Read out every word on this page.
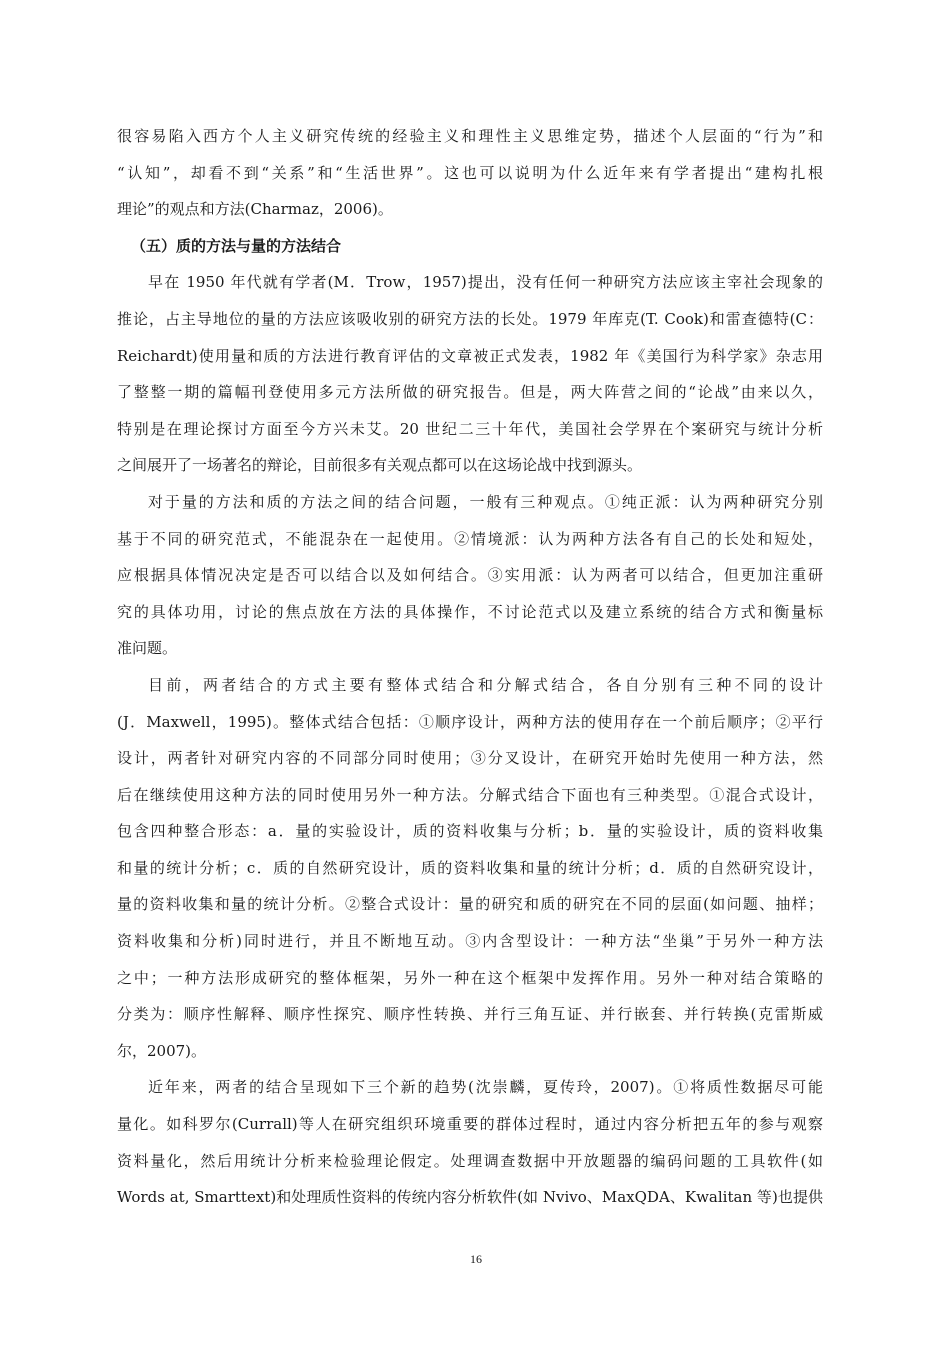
很容易陷入西方个人主义研究传统的经验主义和理性主义思维定势，描述个人层面的“行为”和
“认知”，却看不到“关系”和“生活世界”。这也可以说明为什么近年来有学者提出“建构扎根
理论”的观点和方法(Charmaz，2006)。
（五）质的方法与量的方法结合
早在 1950 年代就有学者(M．Trow，1957)提出，没有任何一种研究方法应该主宰社会现象的
推论，占主导地位的量的方法应该吸收别的研究方法的长处。1979 年库克(T. Cook)和雷查德特(C：
Reichardt)使用量和质的方法进行教育评估的文章被正式发表，1982 年《美国行为科学家》杂志用
了整整一期的篇幅刊登使用多元方法所做的研究报告。但是，两大阵营之间的“论战”由来以久，
特别是在理论探讨方面至今方兴未艾。20 世纪二三十年代，美国社会学界在个案研究与统计分析
之间展开了一场著名的辩论，目前很多有关观点都可以在这场论战中找到源头。
对于量的方法和质的方法之间的结合问题，一般有三种观点。①纯正派：认为两种研究分别
基于不同的研究范式，不能混杂在一起使用。②情境派：认为两种方法各有自己的长处和短处，
应根据具体情况决定是否可以结合以及如何结合。③实用派：认为两者可以结合，但更加注重研
究的具体功用，讨论的焦点放在方法的具体操作，不讨论范式以及建立系统的结合方式和衡量标
准问题。
目前，两者结合的方式主要有整体式结合和分解式结合，各自分别有三种不同的设计
(J．Maxwell，1995)。整体式结合包括：①顺序设计，两种方法的使用存在一个前后顺序；②平行
设计，两者针对研究内容的不同部分同时使用；③分叉设计，在研究开始时先使用一种方法，然
后在继续使用这种方法的同时使用另外一种方法。分解式结合下面也有三种类型。①混合式设计，
包含四种整合形态：a．量的实验设计，质的资料收集与分析；b．量的实验设计，质的资料收集
和量的统计分析；c．质的自然研究设计，质的资料收集和量的统计分析；d．质的自然研究设计，
量的资料收集和量的统计分析。②整合式设计：量的研究和质的研究在不同的层面(如问题、抽样；
资料收集和分析)同时进行，并且不断地互动。③内含型设计：一种方法“坐巢”于另外一种方法
之中；一种方法形成研究的整体框架，另外一种在这个框架中发挥作用。另外一种对结合策略的
分类为：顺序性解释、顺序性探究、顺序性转换、并行三角互证、并行嵌套、并行转换(克雷斯威
尔，2007)。
近年来，两者的结合呈现如下三个新的趋势(沈崇麟，夏传玲，2007)。①将质性数据尽可能
量化。如科罗尔(Currall)等人在研究组织环境重要的群体过程时，通过内容分析把五年的参与观察
资料量化，然后用统计分析来检验理论假定。处理调查数据中开放题器的编码问题的工具软件(如
Words at, Smarttext)和处理质性资料的传统内容分析软件(如 Nvivo、MaxQDA、Kwalitan 等)也提供
16
